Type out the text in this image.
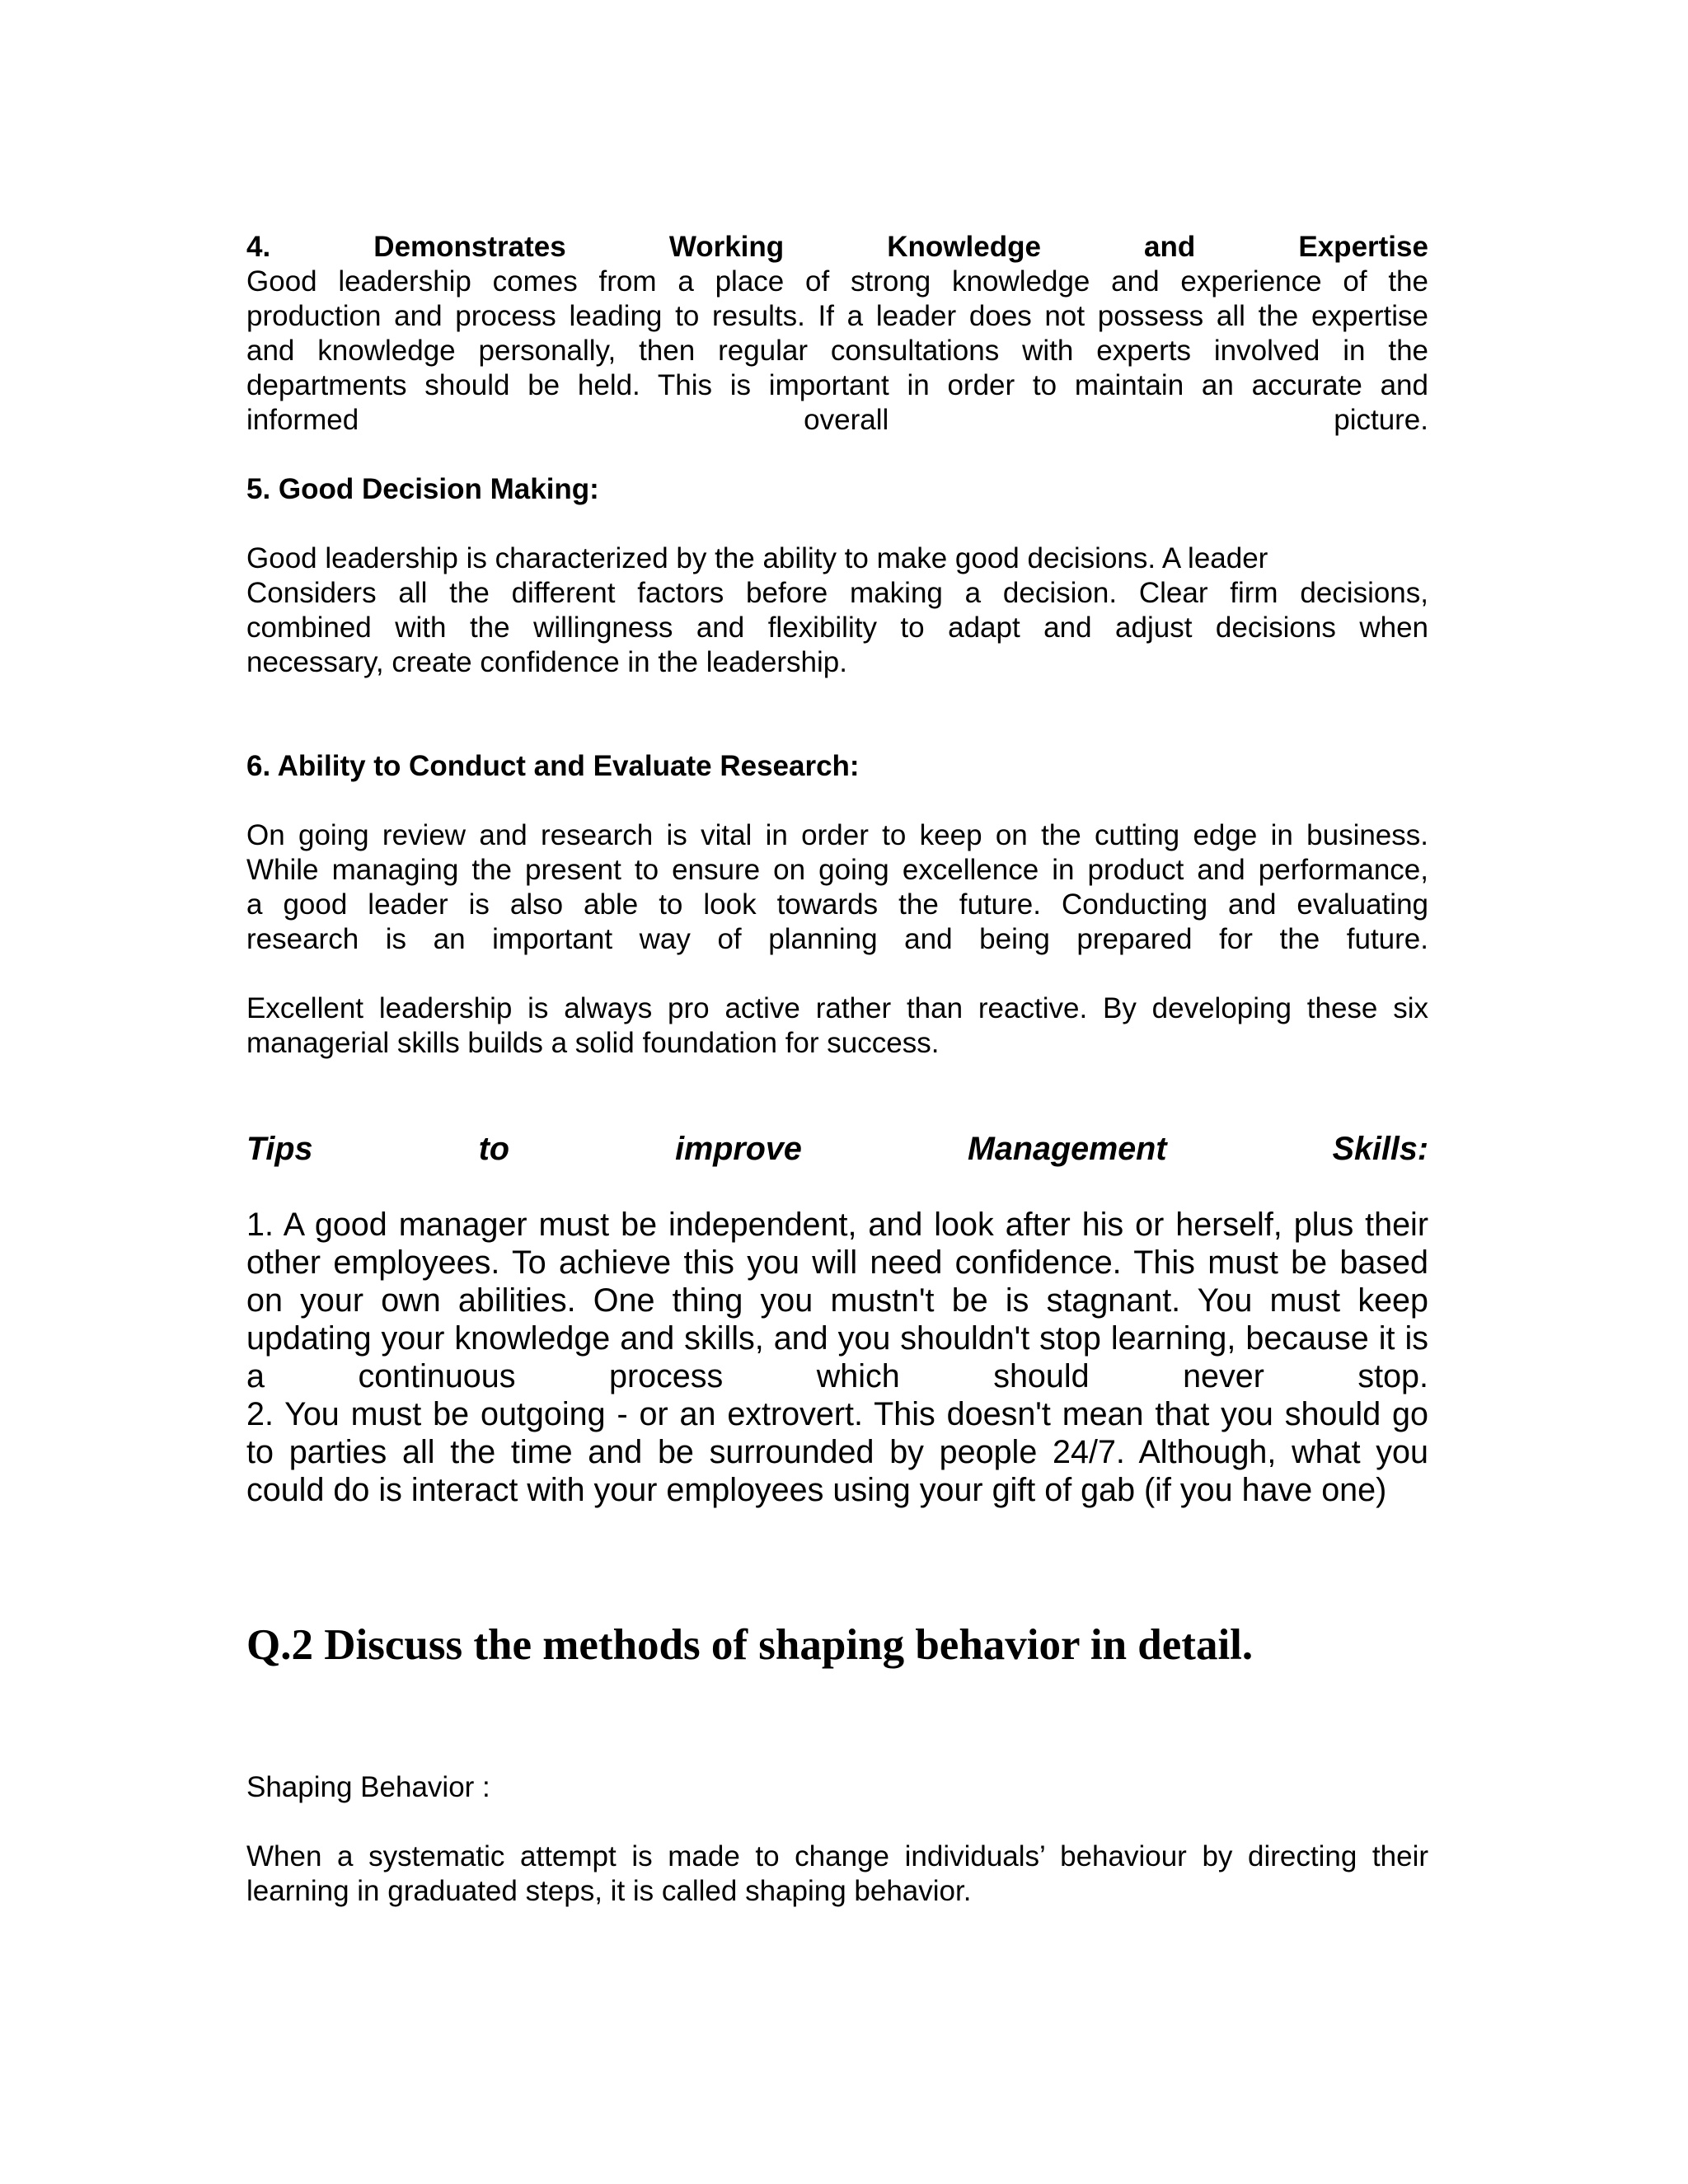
4.	Demonstrates	Working	Knowledge	and	Expertise

Good leadership comes from a place of strong knowledge and experience of the

production and process leading to results. If a leader does not possess all the expertise

and knowledge personally, then regular consultations with experts involved in the

departments should be held. This is important in order to maintain an accurate and

informed overall picture.

5. Good Decision Making:

Good leadership is characterized by the ability to make good decisions. A leader

Considers all the different factors before making a decision. Clear firm decisions,

combined with the willingness and flexibility to adapt and adjust decisions when

necessary, create confidence in the leadership.

6. Ability to Conduct and Evaluate Research:

On going review and research is vital in order to keep on the cutting edge in business.

While managing the present to ensure on going excellence in product and performance,

a good leader is also able to look towards the future. Conducting and evaluating

research is an important way of planning and being prepared for the future.

Excellent leadership is always pro active rather than reactive. By developing these six

managerial skills builds a solid foundation for success.

Tips	to	improve	Management	Skills:

1. A good manager must be independent, and look after his or herself, plus their

other employees. To achieve this you will need confidence. This must be based

on your own abilities. One thing you mustn't be is stagnant. You must keep

updating your knowledge and skills, and you shouldn't stop learning, because it is

a continuous process which should never stop.

2. You must be outgoing - or an extrovert. This doesn't mean that you should go

to parties all the time and be surrounded by people 24/7. Although, what you

could do is interact with your employees using your gift of gab (if you have one)

Q.2 Discuss the methods of shaping behavior in detail.

Shaping Behavior :

When a systematic attempt is made to change individuals’ behaviour by directing their

learning in graduated steps, it is called shaping behavior.
